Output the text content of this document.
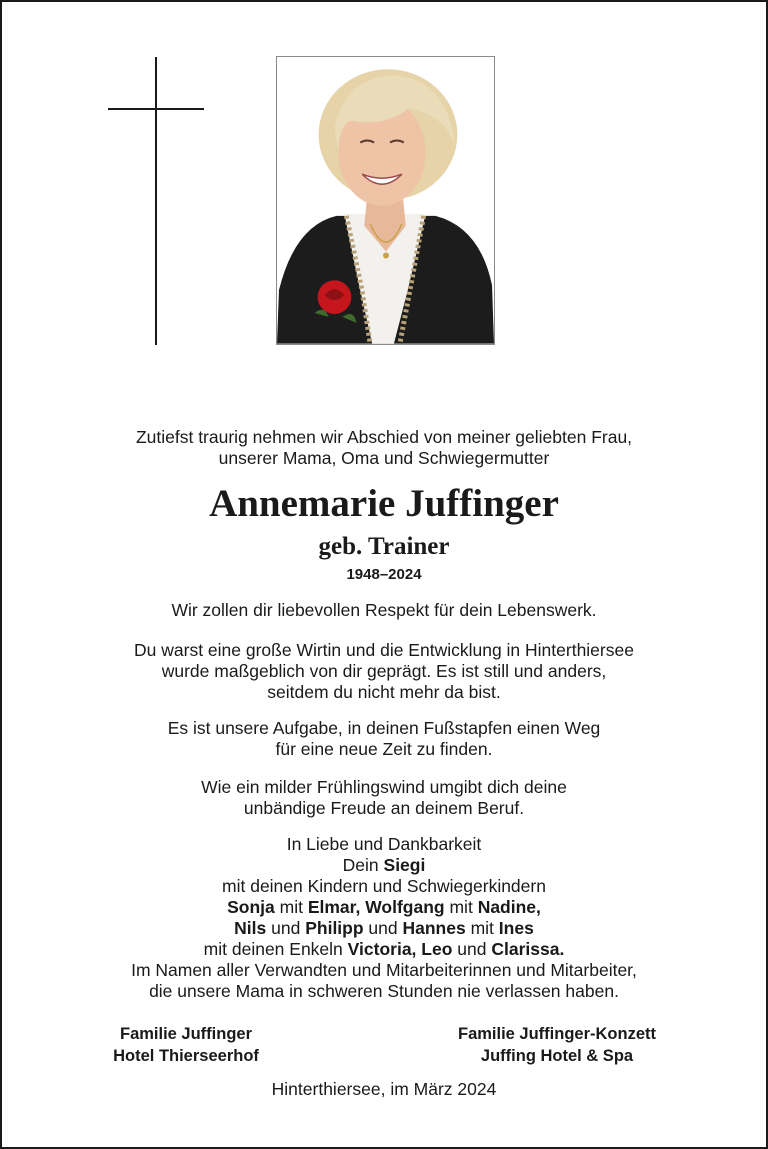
Zutiefst traurig nehmen wir Abschied von meiner geliebten Frau,
unserer Mama, Oma und Schwiegermutter
Annemarie Juffinger
geb. Trainer
1948–2024
Wir zollen dir liebevollen Respekt für dein Lebenswerk.
Du warst eine große Wirtin und die Entwicklung in Hinterthiersee
wurde maßgeblich von dir geprägt. Es ist still und anders,
seitdem du nicht mehr da bist.
Es ist unsere Aufgabe, in deinen Fußstapfen einen Weg
für eine neue Zeit zu finden.
Wie ein milder Frühlingswind umgibt dich deine
unbändige Freude an deinem Beruf.
In Liebe und Dankbarkeit
Dein Siegi
mit deinen Kindern und Schwiegerkindern
Sonja mit Elmar, Wolfgang mit Nadine,
Nils und Philipp und Hannes mit Ines
mit deinen Enkeln Victoria, Leo und Clarissa.
Im Namen aller Verwandten und Mitarbeiterinnen und Mitarbeiter,
die unsere Mama in schweren Stunden nie verlassen haben.
Familie Juffinger
Hotel Thierseerhof
Familie Juffinger-Konzett
Juffing Hotel & Spa
Hinterthiersee, im März 2024
